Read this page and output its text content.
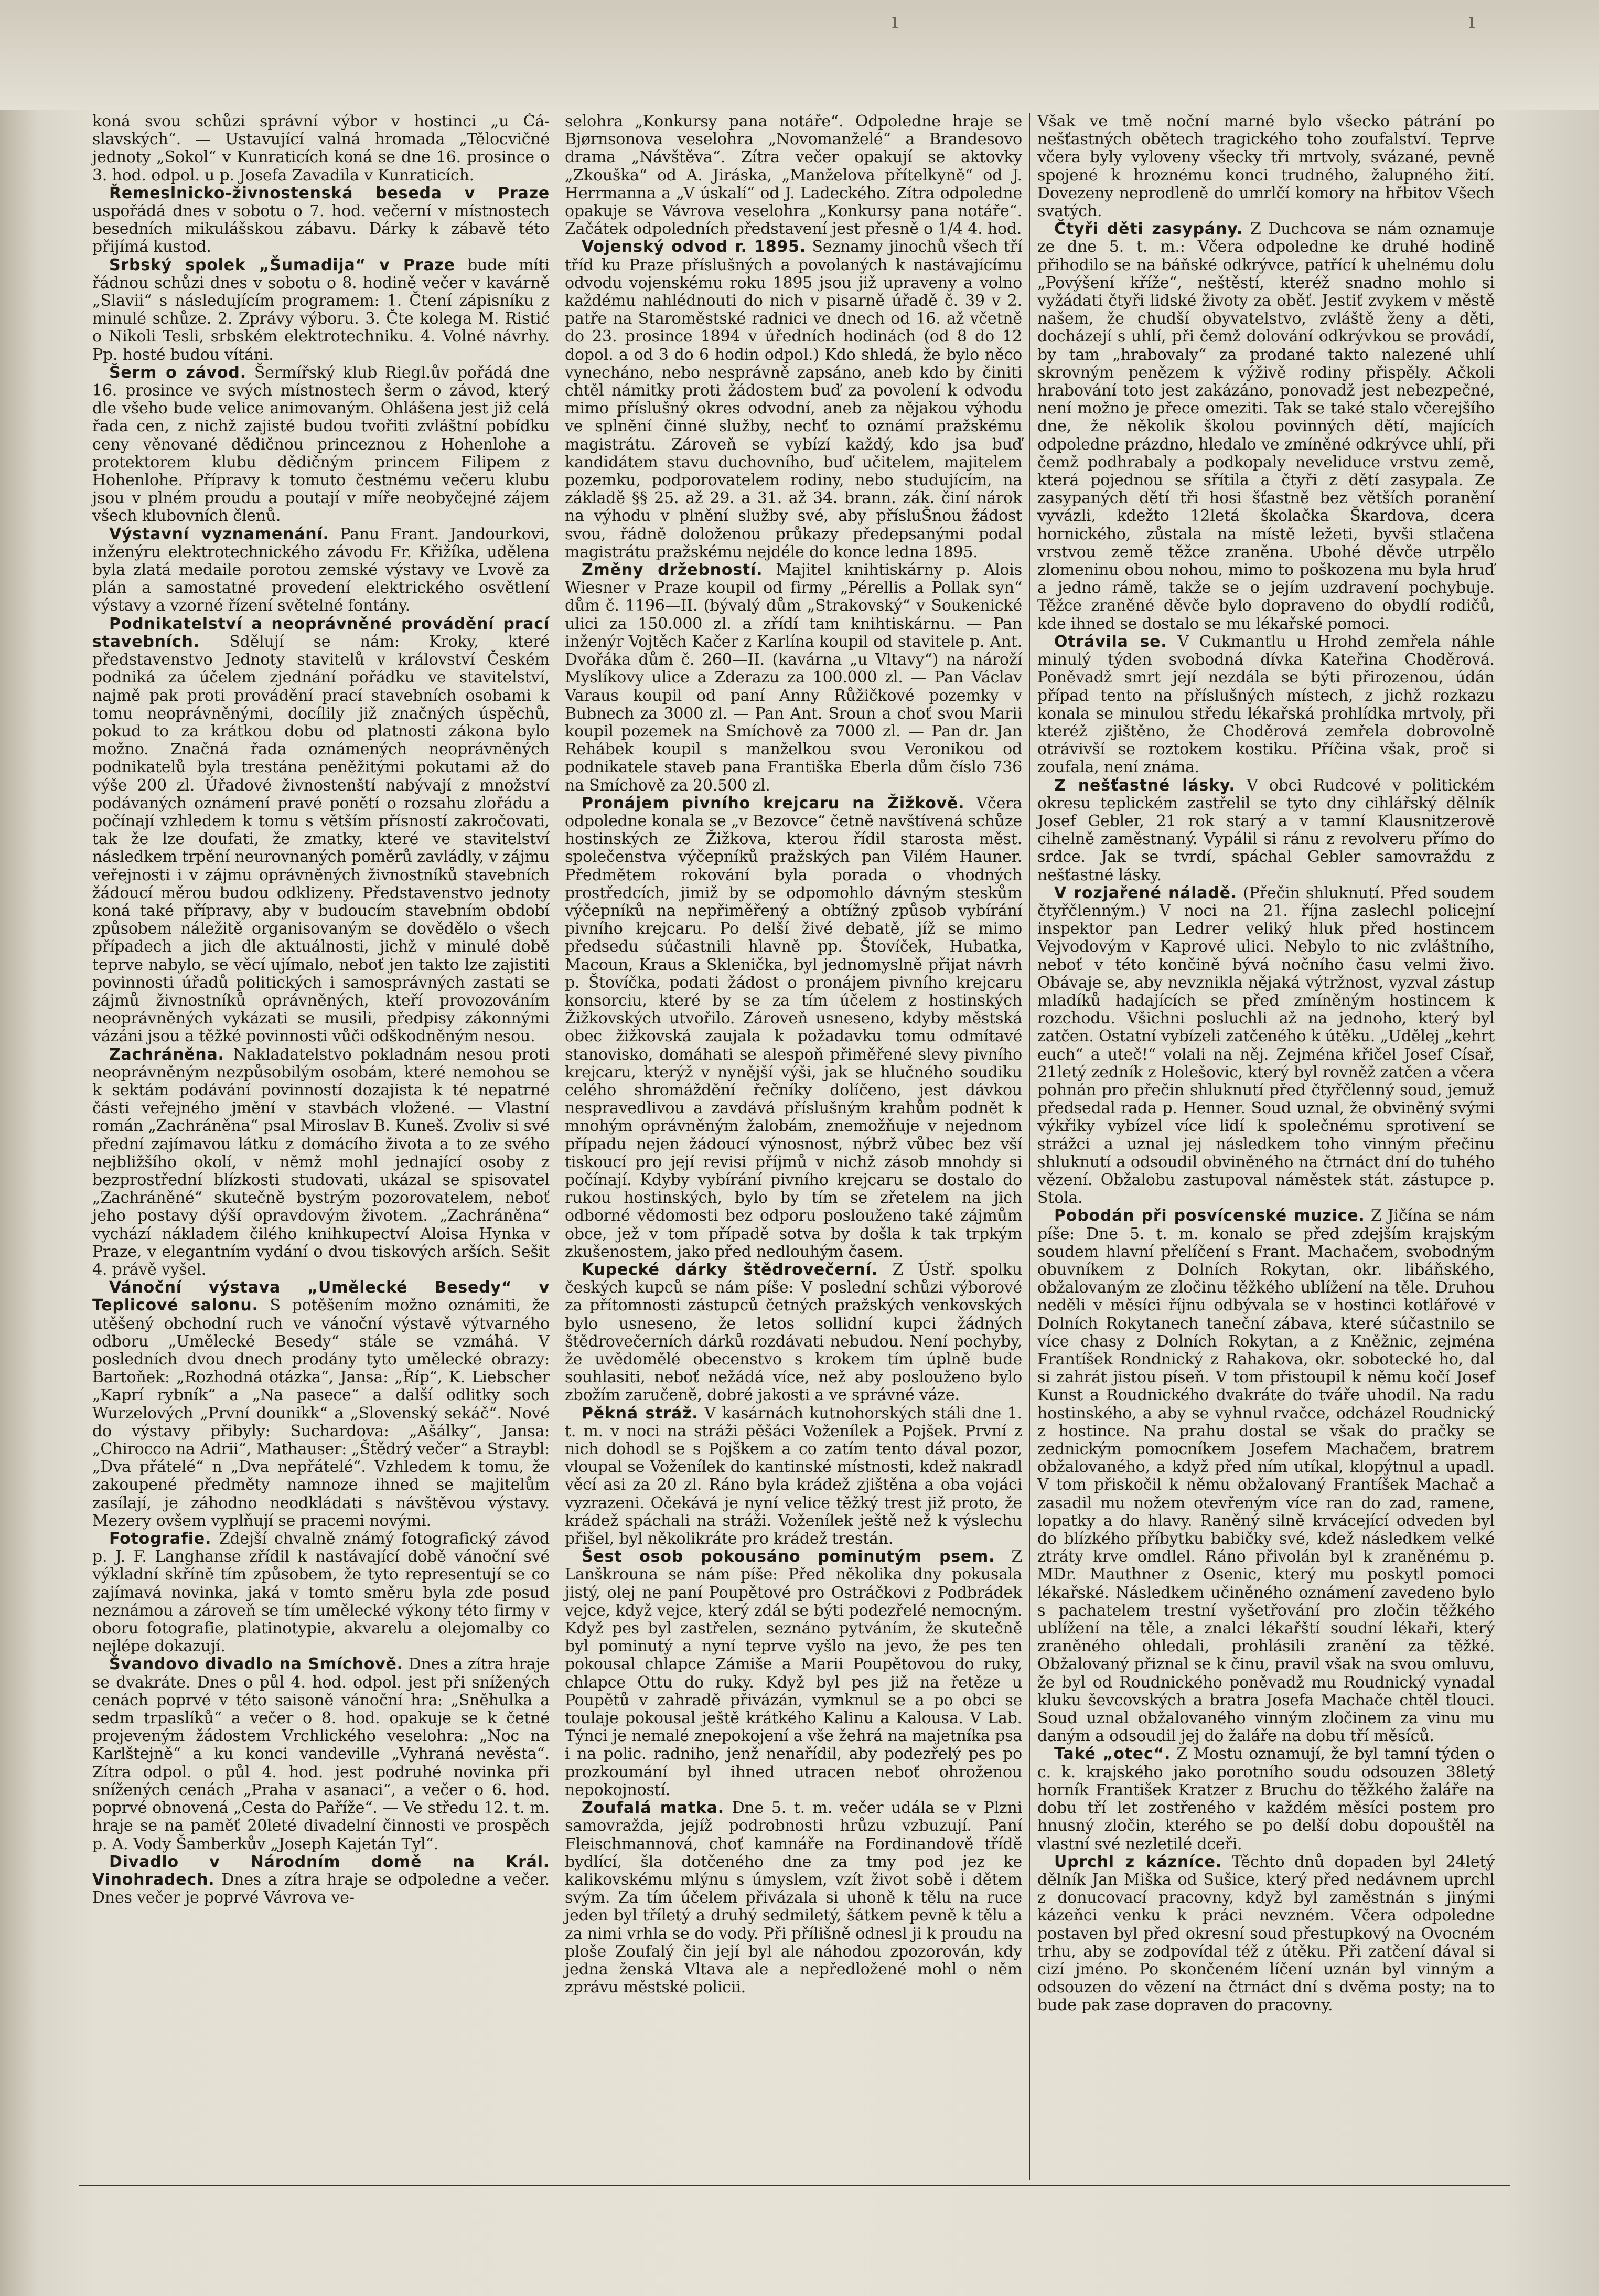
ı	ı

koná svou schůzi správní výbor v hostinci „u Čá-slavských“. — Ustavující valná hromada „Tělocvičné jednoty „Sokol“ v Kunraticích koná se dne 16. prosince o 3. hod. odpol. u p. Josefa Zavadila v Kunraticích.

Řemeslnicko-živnostenská beseda v Praze uspořádá dnes v sobotu o 7. hod. večerní v místnostech besedních mikulášskou zábavu. Dárky k zábavě této přijímá kustod.

Srbský spolek „Šumadija“ v Praze bude míti řádnou schůzi dnes v sobotu o 8. hodině večer v kavárně „Slavii“ s následujícím programem: 1. Čtení zápisníku z minulé schůze. 2. Zprávy výboru. 3. Čte kolega M. Ristić o Nikoli Tesli, srbském elektrotechniku. 4. Volné návrhy. Pp. hosté budou vítáni.

Šerm o závod. Šermířský klub Riegl.ův pořádá dne 16. prosince ve svých místnostech šerm o závod, který dle všeho bude velice animovaným. Ohlášena jest již celá řada cen, z nichž zajisté budou tvořiti zvláštní pobídku ceny věnované dědičnou princeznou z Hohenlohe a protektorem klubu dědičným princem Filipem z Hohenlohe. Přípravy k tomuto čestnému večeru klubu jsou v plném proudu a poutají v míře neobyčejné zájem všech klubovních členů.

Výstavní vyznamenání. Panu Frant. Jandourkovi, inženýru elektrotechnického závodu Fr. Křižíka, udělena byla zlatá medaile porotou zemské výstavy ve Lvově za plán a samostatné provedení elektrického osvětlení výstavy a vzorné řízení světelné fontány.

Podnikatelství a neoprávněné provádění prací stavebních. Sdělují se nám: Kroky, které představenstvo Jednoty stavitelů v království Českém podniká za účelem zjednání pořádku ve stavitelství, najmě pak proti provádění prací stavebních osobami k tomu neoprávněnými, docílily již značných úspěchů, pokud to za krátkou dobu od platnosti zákona bylo možno. Značná řada oznámených neoprávněných podnikatelů byla trestána peněžitými pokutami až do výše 200 zl. Úřadové živnostenští nabývají z množství podávaných oznámení pravé ponětí o rozsahu zlořádu a počínají vzhledem k tomu s větším přísností zakročovati, tak že lze doufati, že zmatky, které ve stavitelství následkem trpění neurovnaných poměrů zavládly, v zájmu veřejnosti i v zájmu oprávněných živnostníků stavebních žádoucí měrou budou odklizeny. Představenstvo jednoty koná také přípravy, aby v budoucím stavebním období způsobem náležitě organisovaným se dovědělo o všech případech a jich dle aktuálnosti, jichž v minulé době teprve nabylo, se věcí ujímalo, neboť jen takto lze zajistiti povinnosti úřadů politických i samosprávných zastati se zájmů živnostníků oprávněných, kteří provozováním neoprávněných vykázati se musili, předpisy zákonnými vázáni jsou a těžké povinnosti vůči odškodněným nesou.

Zachráněna. Nakladatelstvo pokladnám nesou proti neoprávněným nezpůsobilým osobám, které nemohou se k sektám podávání povinností dozajista k té nepatrné části veřejného jmění v stavbách vložené. — Vlastní román „Zachráněna“ psal Miroslav B. Kuneš. Zvoliv si své přední zajímavou látku z domácího života a to ze svého nejbližšího okolí, v němž mohl jednající osoby z bezprostřední blízkosti studovati, ukázal se spisovatel „Zachráněné“ skutečně bystrým pozorovatelem, neboť jeho postavy dýší opravdovým životem. „Zachráněna“ vychází nákladem čilého knihkupectví Aloisa Hynka v Praze, v elegantním vydání o dvou tiskových arších. Sešit 4. právě vyšel.

Vánoční výstava „Umělecké Besedy“ v Teplicové salonu. S potěšením možno oznámiti, že utěšený obchodní ruch ve vánoční výstavě výtvarného odboru „Umělecké Besedy“ stále se vzmáhá. V posledních dvou dnech prodány tyto umělecké obrazy: Bartoňek: „Rozhodná otázka“, Jansa: „Říp“, K. Liebscher „Kaprí rybník“ a „Na pasece“ a další odlitky soch Wurzelových „První dounikk“ a „Slovenský sekáč“. Nové do výstavy přibyly: Suchardova: „Ašálky“, Jansa: „Chirocco na Adrii“, Mathauser: „Štědrý večer“ a Straybl: „Dva přátelé“ n „Dva nepřátelé“. Vzhledem k tomu, že zakoupené předměty namnoze ihned se majitelům zasílají, je záhodno neodkládati s návštěvou výstavy. Mezery ovšem vyplňují se pracemi novými.

Fotografie. Zdejší chvalně známý fotografický závod p. J. F. Langhanse zřídil k nastávající době vánoční své výkladní skříně tím způsobem, že tyto representují se co zajímavá novinka, jaká v tomto směru byla zde posud neznámou a zároveň se tím umělecké výkony této firmy v oboru fotografie, platinotypie, akvarelu a olejomalby co nejlépe dokazují.

Švandovo divadlo na Smíchově. Dnes a zítra hraje se dvakráte. Dnes o půl 4. hod. odpol. jest při snížených cenách poprvé v této saisoně vánoční hra: „Sněhulka a sedm trpaslíků“ a večer o 8. hod. opakuje se k četné projeveným žádostem Vrchlického veselohra: „Noc na Karlštejně“ a ku konci vandeville „Vyhraná nevěsta“. Zítra odpol. o půl 4. hod. jest podruhé novinka při snížených cenách „Praha v asanaci“, a večer o 6. hod. poprvé obnovená „Cesta do Paříže“. — Ve středu 12. t. m. hraje se na paměť 20leté divadelní činnosti ve prospěch p. A. Vody Šamberkův „Joseph Kajetán Tyl“.

Divadlo v Národním domě na Král. Vinohradech. Dnes a zítra hraje se odpoledne a večer. Dnes večer je poprvé Vávrova ve-

selohra „Konkursy pana notáře“. Odpoledne hraje se Bjørnsonova veselohra „Novomanželé“ a Brandesovo drama „Návštěva“. Zítra večer opakují se aktovky „Zkouška“ od A. Jiráska, „Manželova přítelkyně“ od J. Herrmanna a „V úskalí“ od J. Ladeckého. Zítra odpoledne opakuje se Vávrova veselohra „Konkursy pana notáře“. Začátek odpoledních představení jest přesně o 1/4 4. hod.

Vojenský odvod r. 1895. Seznamy jinochů všech tří tříd ku Praze příslušných a povolaných k nastávajícímu odvodu vojenskému roku 1895 jsou již upraveny a volno každému nahlédnouti do nich v pisarně úřadě č. 39 v 2. patře na Staroměstské radnici ve dnech od 16. až včetně do 23. prosince 1894 v úředních hodinách (od 8 do 12 dopol. a od 3 do 6 hodin odpol.) Kdo shledá, že bylo něco vynecháno, nebo nesprávně zapsáno, aneb kdo by činiti chtěl námitky proti žádostem buď za povolení k odvodu mimo příslušný okres odvodní, aneb za nějakou výhodu ve splnění činné služby, nechť to oznámí pražskému magistrátu. Zároveň se vybízí každý, kdo jsa buď kandidátem stavu duchovního, buď učitelem, majitelem pozemku, podporovatelem rodiny, nebo studujícím, na základě §§ 25. až 29. a 31. až 34. brann. zák. činí nárok na výhodu v plnění služby své, aby přísluŠnou žádost svou, řádně doloženou průkazy předepsanými podal magistrátu pražskému nejdéle do konce ledna 1895.

Změny držebností. Majitel knihtiskárny p. Alois Wiesner v Praze koupil od firmy „Pérellis a Pollak syn“ dům č. 1196—II. (bývalý dům „Strakovský“ v Soukenické ulici za 150.000 zl. a zřídí tam knihtiskárnu. — Pan inženýr Vojtěch Kačer z Karlína koupil od stavitele p. Ant. Dvořáka dům č. 260—II. (kavárna „u Vltavy“) na nároží Myslíkovy ulice a Zderazu za 100.000 zl. — Pan Václav Varaus koupil od paní Anny Růžičkové pozemky v Bubnech za 3000 zl. — Pan Ant. Sroun a choť svou Marii koupil pozemek na Smíchově za 7000 zl. — Pan dr. Jan Rehábek koupil s manželkou svou Veronikou od podnikatele staveb pana Františka Eberla dům číslo 736 na Smíchově za 20.500 zl.

Pronájem pivního krejcaru na Žižkově. Včera odpoledne konala se „v Bezovce“ četně navštívená schůze hostinských ze Žižkova, kterou řídil starosta měst. společenstva výčepníků pražských pan Vilém Hauner. Předmětem rokování byla porada o vhodných prostředcích, jimiž by se odpomohlo dávným steskům výčepníků na nepřiměřený a obtížný způsob vybírání pivního krejcaru. Po delší živé debatě, jíž se mimo předsedu súčastnili hlavně pp. Štovíček, Hubatka, Macoun, Kraus a Sklenička, byl jednomyslně přijat návrh p. Štovíčka, podati žádost o pronájem pivního krejcaru konsorciu, které by se za tím účelem z hostinských Žižkovských utvořilo. Zároveň usneseno, kdyby městská obec žižkovská zaujala k požadavku tomu odmítavé stanovisko, domáhati se alespoň přiměřené slevy pivního krejcaru, kterýž v nynější výši, jak se hlučného soudiku celého shromáždění řečníky dolíčeno, jest dávkou nespravedlivou a zavdává příslušným krahům podnět k mnohým oprávněným žalobám, znemožňuje v nejednom případu nejen žádoucí výnosnost, nýbrž vůbec bez vší tiskoucí pro její revisi příjmů v nichž zásob mnohdy si počínají. Kdyby vybírání pivního krejcaru se dostalo do rukou hostinských, bylo by tím se zřetelem na jich odborné vědomosti bez odporu poslouženo také zájmům obce, jež v tom případě sotva by došla k tak trpkým zkušenostem, jako před nedlouhým časem.

Kupecké dárky štědrovečerní. Z Ústř. spolku českých kupců se nám píše: V poslední schůzi výborové za přítomnosti zástupců četných pražských venkovských bylo usneseno, že letos sollidní kupci žádných štědrovečerních dárků rozdávati nebudou. Není pochyby, že uvědomělé obecenstvo s krokem tím úplně bude souhlasiti, neboť nežádá více, než aby poslouženo bylo zbožím zaručeně, dobré jakosti a ve správné váze.

Pěkná stráž. V kasárnách kutnohorských stáli dne 1. t. m. v noci na stráži pěšáci Voženílek a Pojšek. První z nich dohodl se s Pojškem a co zatím tento dával pozor, vloupal se Voženílek do kantinské místnosti, kdež nakradl věcí asi za 20 zl. Ráno byla krádež zjištěna a oba vojáci vyzrazeni. Očekává je nyní velice těžký trest již proto, že krádež spáchali na stráži. Voženílek ještě než k výslechu přišel, byl několikráte pro krádež trestán.

Šest osob pokousáno pominutým psem. Z Lanškrouna se nám píše: Před několika dny pokusala jistý, olej ne paní Poupětové pro Ostráčkovi z Podbrádek vejce, když vejce, který zdál se býti podezřelé nemocným. Když pes byl zastřelen, seznáno pytváním, že skutečně byl pominutý a nyní teprve vyšlo na jevo, že pes ten pokousal chlapce Zámiše a Marii Poupětovou do ruky, chlapce Ottu do ruky. Když byl pes již na řetěze u Poupětů v zahradě přivázán, vymknul se a po obci se toulaje pokousal ještě krátkého Kalinu a Kalousa. V Lab. Týnci je nemalé znepokojení a vše žehrá na majetníka psa i na polic. radniho, jenž nenařídil, aby podezřelý pes po prozkoumání byl ihned utracen neboť ohroženou nepokojností.

Zoufalá matka. Dne 5. t. m. večer udála se v Plzni samovražda, jejíž podrobnosti hrůzu vzbuzují. Paní Fleischmannová, choť kamnáře na Fordinandově třídě bydlící, šla dotčeného dne za tmy pod jez ke kalikovskému mlýnu s úmyslem, vzít život sobě i dětem svým. Za tím účelem přivázala si uhoně k tělu na ruce jeden byl tříletý a druhý sedmiletý, šátkem pevně k tělu a za nimi vrhla se do vody. Při přílišně odnesl ji k proudu na ploše Zoufalý čin její byl ale náhodou zpozorován, kdy jedna ženská Vltava ale a nepředložené mohl o něm zprávu městské policii.

Však ve tmě noční marné bylo všecko pátrání po nešťastných obětech tragického toho zoufalství. Teprve včera byly vyloveny všecky tři mrtvoly, svázané, pevně spojené k hroznému konci trudného, žalupného žití. Dovezeny neprodleně do umrlčí komory na hřbitov Všech svatých.

Čtyři děti zasypány. Z Duchcova se nám oznamuje ze dne 5. t. m.: Včera odpoledne ke druhé hodině přihodilo se na báňské odkrývce, patřící k uhelnému dolu „Povýšení kříže“, neštěstí, kteréž snadno mohlo si vyžádati čtyři lidské životy za oběť. Jestiť zvykem v městě našem, že chudší obyvatelstvo, zvláště ženy a děti, docházejí s uhlí, při čemž dolování odkrývkou se provádí, by tam „hrabovaly“ za prodané takto nalezené uhlí skrovným penězem k výživě rodiny přispěly. Ačkoli hrabování toto jest zakázáno, ponovadž jest nebezpečné, není možno je přece omeziti. Tak se také stalo včerejšího dne, že několik školou povinných dětí, majících odpoledne prázdno, hledalo ve zmíněné odkrývce uhlí, při čemž podhrabaly a podkopaly neveliduce vrstvu země, která pojednou se sřítila a čtyři z dětí zasypala. Ze zasypaných dětí tři hosi šťastně bez větších poranění vyvázli, kdežto 12letá školačka Škardova, dcera hornického, zůstala na místě ležeti, byvši stlačena vrstvou země těžce zraněna. Ubohé děvče utrpělo zlomeninu obou nohou, mimo to poškozena mu byla hruď a jedno rámě, takže se o jejím uzdravení pochybuje. Těžce zraněné děvče bylo dopraveno do obydlí rodičů, kde ihned se dostalo se mu lékařské pomoci.

Otrávila se. V Cukmantlu u Hrohd zemřela náhle minulý týden svobodná dívka Kateřina Choděrová. Poněvadž smrt její nezdála se býti přirozenou, údán případ tento na příslušných místech, z jichž rozkazu konala se minulou středu lékařská prohlídka mrtvoly, při kteréž zjištěno, že Choděrová zemřela dobrovolně otrávivší se roztokem kostiku. Příčina však, proč si zoufala, není známa.

Z nešťastné lásky. V obci Rudcové v politickém okresu teplickém zastřelil se tyto dny cihlářský dělník Josef Gebler, 21 rok starý a v tamní Klausnitzerově cihelně zaměstnaný. Vypálil si ránu z revolveru přímo do srdce. Jak se tvrdí, spáchal Gebler samovraždu z nešťastné lásky.

V rozjařené náladě. (Přečin shluknutí. Před soudem čtyřčlenným.) V noci na 21. října zaslechl policejní inspektor pan Ledrer veliký hluk před hostincem Vejvodovým v Kaprové ulici. Nebylo to nic zvláštního, neboť v této končině bývá nočního času velmi živo. Obávaje se, aby nevznikla nějaká výtržnost, vyzval zástup mladíků hadajících se před zmíněným hostincem k rozchodu. Všichni posluchli až na jednoho, který byl zatčen. Ostatní vybízeli zatčeného k útěku. „Udělej „kehrt euch“ a uteč!“ volali na něj. Zejména křičel Josef Císař, 21letý zedník z Holešovic, který byl rovněž zatčen a včera pohnán pro přečin shluknutí před čtyřčlenný soud, jemuž předsedal rada p. Henner. Soud uznal, že obviněný svými výkřiky vybízel více lidí k společnému sprotivení se strážci a uznal jej následkem toho vinným přečinu shluknutí a odsoudil obviněného na čtrnáct dní do tuhého vězení. Obžalobu zastupoval náměstek stát. zástupce p. Stola.

Pobodán při posvícenské muzice. Z Jičína se nám píše: Dne 5. t. m. konalo se před zdejším krajským soudem hlavní přelíčení s Frant. Machačem, svobodným obuvníkem z Dolních Rokytan, okr. libáňského, obžalovaným ze zločinu těžkého ublížení na těle. Druhou neděli v měsíci říjnu odbývala se v hostinci kotlářové v Dolních Rokytanech taneční zábava, které súčastnilo se více chasy z Dolních Rokytan, a z Kněžnic, zejména Frantíšek Rondnický z Rahakova, okr. sobotecké ho, dal si zahrát jistou píseň. V tom přistoupil k němu kočí Josef Kunst a Roudnického dvakráte do tváře uhodil. Na radu hostinského, a aby se vyhnul rvačce, odcházel Roudnický z hostince. Na prahu dostal se však do pračky se zednickým pomocníkem Josefem Machačem, bratrem obžalovaného, a když před ním utíkal, klopýtnul a upadl. V tom přiskočil k němu obžalovaný Frantíšek Machač a zasadil mu nožem otevřeným více ran do zad, ramene, lopatky a do hlavy. Raněný silně krvácející odveden byl do blízkého příbytku babičky své, kdež následkem velké ztráty krve omdlel. Ráno přivolán byl k zraněnému p. MDr. Mauthner z Osenic, který mu poskytl pomoci lékařské. Následkem učiněného oznámení zavedeno bylo s pachatelem trestní vyšetřování pro zločin těžkého ublížení na těle, a znalci lékařští soudní lékaři, který zraněného ohledali, prohlásili zranění za těžké. Obžalovaný přiznal se k činu, pravil však na svou omluvu, že byl od Roudnického poněvadž mu Roudnický vynadal kluku ševcovských a bratra Josefa Machače chtěl tlouci. Soud uznal obžalovaného vinným zločinem za vinu mu daným a odsoudil jej do žaláře na dobu tří měsíců.

Také „otec“. Z Mostu oznamují, že byl tamní týden o c. k. krajského jako porotního soudu odsouzen 38letý horník František Kratzer z Bruchu do těžkého žaláře na dobu tří let zostřeného v každém měsíci postem pro hnusný zločin, kterého se po delší dobu dopouštěl na vlastní své nezletilé dceři.

Uprchl z kázníce. Těchto dnů dopaden byl 24letý dělník Jan Miška od Sušice, který před nedávnem uprchl z donucovací pracovny, když byl zaměstnán s jinými kázeňci venku k práci nevzném. Včera odpoledne postaven byl před okresní soud přestupkový na Ovocném trhu, aby se zodpovídal též z útěku. Při zatčení dával si cizí jméno. Po skončeném líčení uznán byl vinným a odsouzen do vězení na čtrnáct dní s dvěma posty; na to bude pak zase dopraven do pracovny.
